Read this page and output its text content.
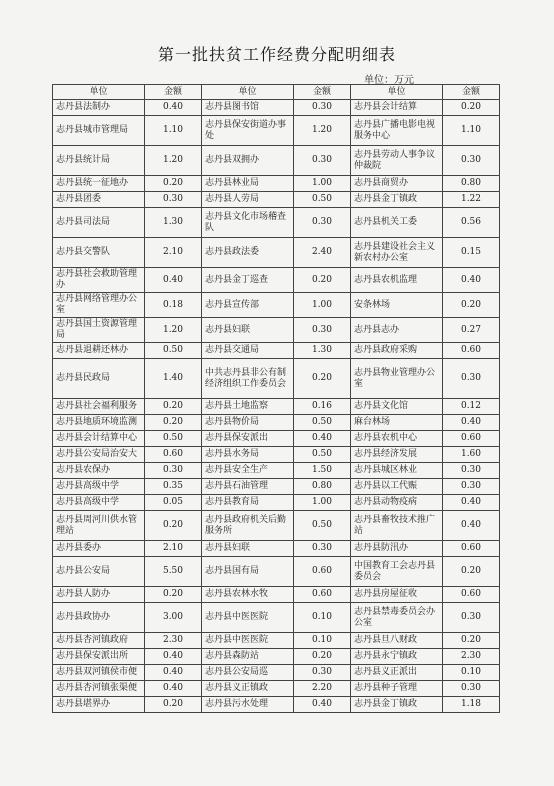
第一批扶贫工作经费分配明细表
单位：万元
单位	金额	单位	金额	单位	金额
志丹县法制办	0.40	志丹县图书馆	0.30	志丹县会计结算	0.20
志丹县城市管理局	1.10	志丹县保安街道办事处	1.20	志丹县广播电影电视服务中心	1.10
志丹县统计局	1.20	志丹县双拥办	0.30	志丹县劳动人事争议仲裁院	0.30
志丹县统一征地办	0.20	志丹县林业局	1.00	志丹县商贸办	0.80
志丹县团委	0.30	志丹县人劳局	0.50	志丹县金丁镇政	1.22
志丹县司法局	1.30	志丹县文化市场稽查队	0.30	志丹县机关工委	0.56
志丹县交警队	2.10	志丹县政法委	2.40	志丹县建设社会主义新农村办公室	0.15
志丹县社会救助管理办	0.40	志丹县金丁巡查	0.20	志丹县农机监理	0.40
志丹县网络管理办公室	0.18	志丹县宣传部	1.00	安条林场	0.20
志丹县国土资源管理局	1.20	志丹县妇联	0.30	志丹县志办	0.27
志丹县退耕还林办	0.50	志丹县交通局	1.30	志丹县政府采购	0.60
志丹县民政局	1.40	中共志丹县非公有制经济组织工作委员会	0.20	志丹县物业管理办公室	0.30
志丹县社会福利服务	0.20	志丹县土地监察	0.16	志丹县文化馆	0.12
志丹县地质环境监测	0.20	志丹县物价局	0.50	麻台林场	0.40
志丹县会计结算中心	0.50	志丹县保安派出	0.40	志丹县农机中心	0.60
志丹县公安局治安大	0.60	志丹县水务局	0.50	志丹县经济发展	1.60
志丹县农保办	0.30	志丹县安全生产	1.50	志丹县城区林业	0.30
志丹县高级中学	0.35	志丹县石油管理	0.80	志丹县以工代赈	0.30
志丹县高级中学	0.05	志丹县教育局	1.00	志丹县动物疫病	0.40
志丹县周河川供水管理站	0.20	志丹县政府机关后勤服务所	0.50	志丹县畜牧技术推广站	0.40
志丹县委办	2.10	志丹县妇联	0.30	志丹县防汛办	0.60
志丹县公安局	5.50	志丹县国有局	0.60	中国教育工会志丹县委员会	0.20
志丹县人防办	0.20	志丹县农林水牧	0.60	志丹县房屋征收	0.60
志丹县政协办	3.00	志丹县中医医院	0.10	志丹县禁毒委员会办公室	0.30
志丹县杏河镇政府	2.30	志丹县中医医院	0.10	志丹县旦八财政	0.20
志丹县保安派出所	0.40	志丹县森防站	0.20	志丹县永宁镇政	2.30
志丹县双河镇侯市便	0.40	志丹县公安局巡	0.30	志丹县义正派出	0.10
志丹县杏河镇张渠便	0.40	志丹县义正镇政	2.20	志丹县种子管理	0.30
志丹县堪界办	0.20	志丹县污水处理	0.40	志丹县金丁镇政	1.18
